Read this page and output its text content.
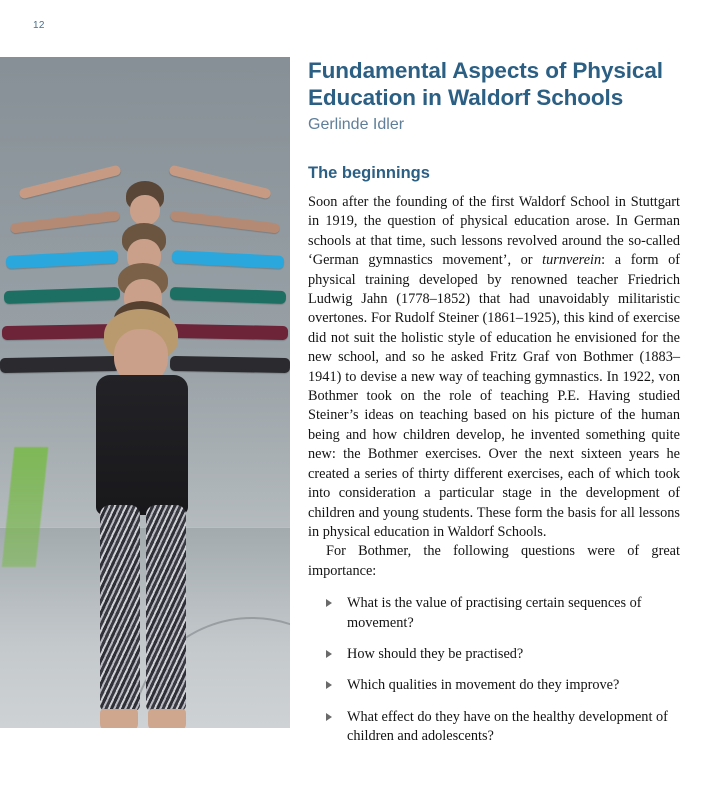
12
Fundamental Aspects of Physical Education in Waldorf Schools
Gerlinde Idler
The beginnings

Soon after the founding of the first Waldorf School in Stuttgart in 1919, the question of physical education arose. In German schools at that time, such lessons revolved around the so-called ‘German gymnastics movement’, or turnverein: a form of physical training developed by renowned teacher Friedrich Ludwig Jahn (1778–1852) that had unavoidably militaristic overtones. For Rudolf Steiner (1861–1925), this kind of exercise did not suit the holistic style of education he envisioned for the new school, and so he asked Fritz Graf von Bothmer (1883–1941) to devise a new way of teaching gymnastics. In 1922, von Bothmer took on the role of teaching P.E. Having studied Steiner’s ideas on teaching based on his picture of the human being and how children develop, he invented something quite new: the Bothmer exercises. Over the next sixteen years he created a series of thirty different exercises, each of which took into consideration a particular stage in the development of children and young students. These form the basis for all lessons in physical education in Waldorf Schools.

For Bothmer, the following questions were of great importance:

What is the value of practising certain sequences of movement?
How should they be practised?
Which qualities in movement do they improve?
What effect do they have on the healthy development of children and adolescents?
